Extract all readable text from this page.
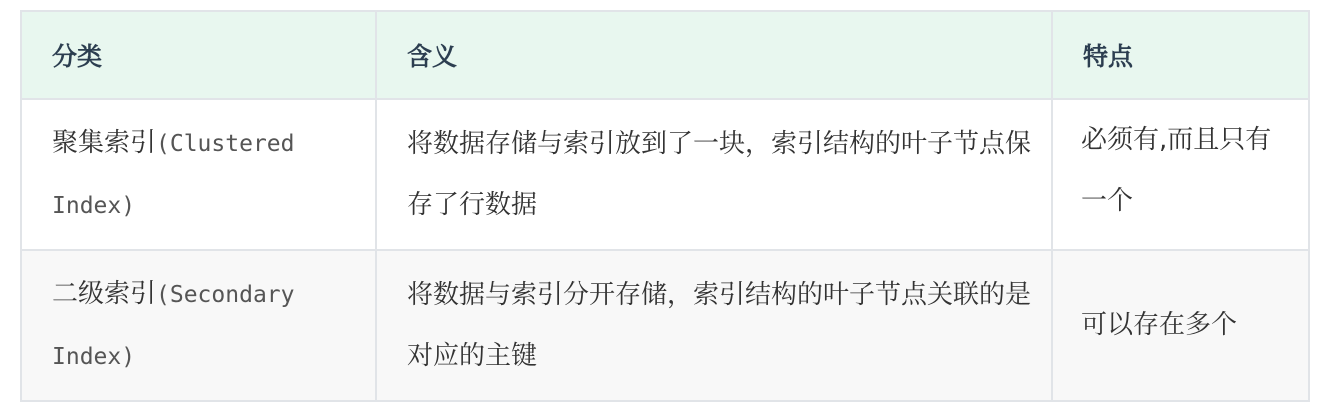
分类	含义	特点
聚集索引(Clustered Index)	将数据存储与索引放到了一块，索引结构的叶子节点保存了行数据	必须有,而且只有一个
二级索引(Secondary Index)	将数据与索引分开存储，索引结构的叶子节点关联的是对应的主键	可以存在多个
